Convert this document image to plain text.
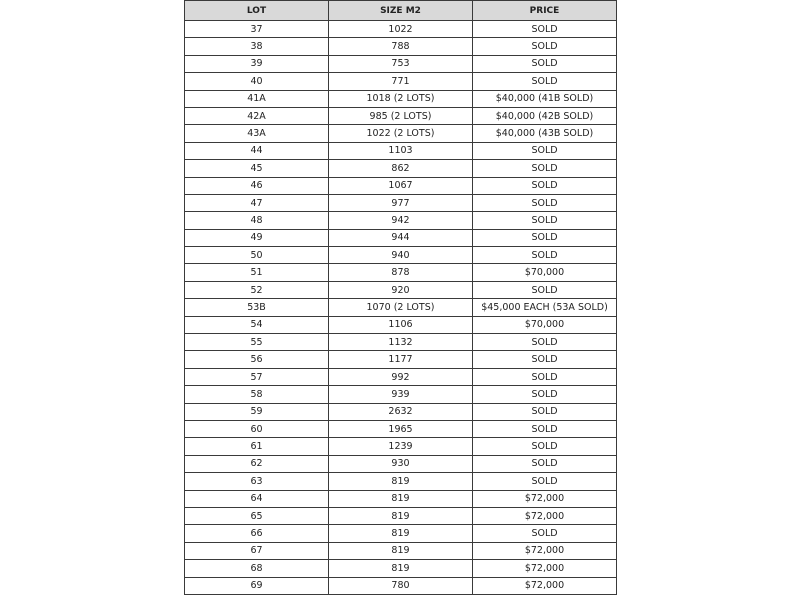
LOT	SIZE M2	PRICE
37	1022	SOLD
38	788	SOLD
39	753	SOLD
40	771	SOLD
41A	1018 (2 LOTS)	$40,000 (41B SOLD)
42A	985 (2 LOTS)	$40,000 (42B SOLD)
43A	1022 (2 LOTS)	$40,000 (43B SOLD)
44	1103	SOLD
45	862	SOLD
46	1067	SOLD
47	977	SOLD
48	942	SOLD
49	944	SOLD
50	940	SOLD
51	878	$70,000
52	920	SOLD
53B	1070 (2 LOTS)	$45,000 EACH (53A SOLD)
54	1106	$70,000
55	1132	SOLD
56	1177	SOLD
57	992	SOLD
58	939	SOLD
59	2632	SOLD
60	1965	SOLD
61	1239	SOLD
62	930	SOLD
63	819	SOLD
64	819	$72,000
65	819	$72,000
66	819	SOLD
67	819	$72,000
68	819	$72,000
69	780	$72,000
